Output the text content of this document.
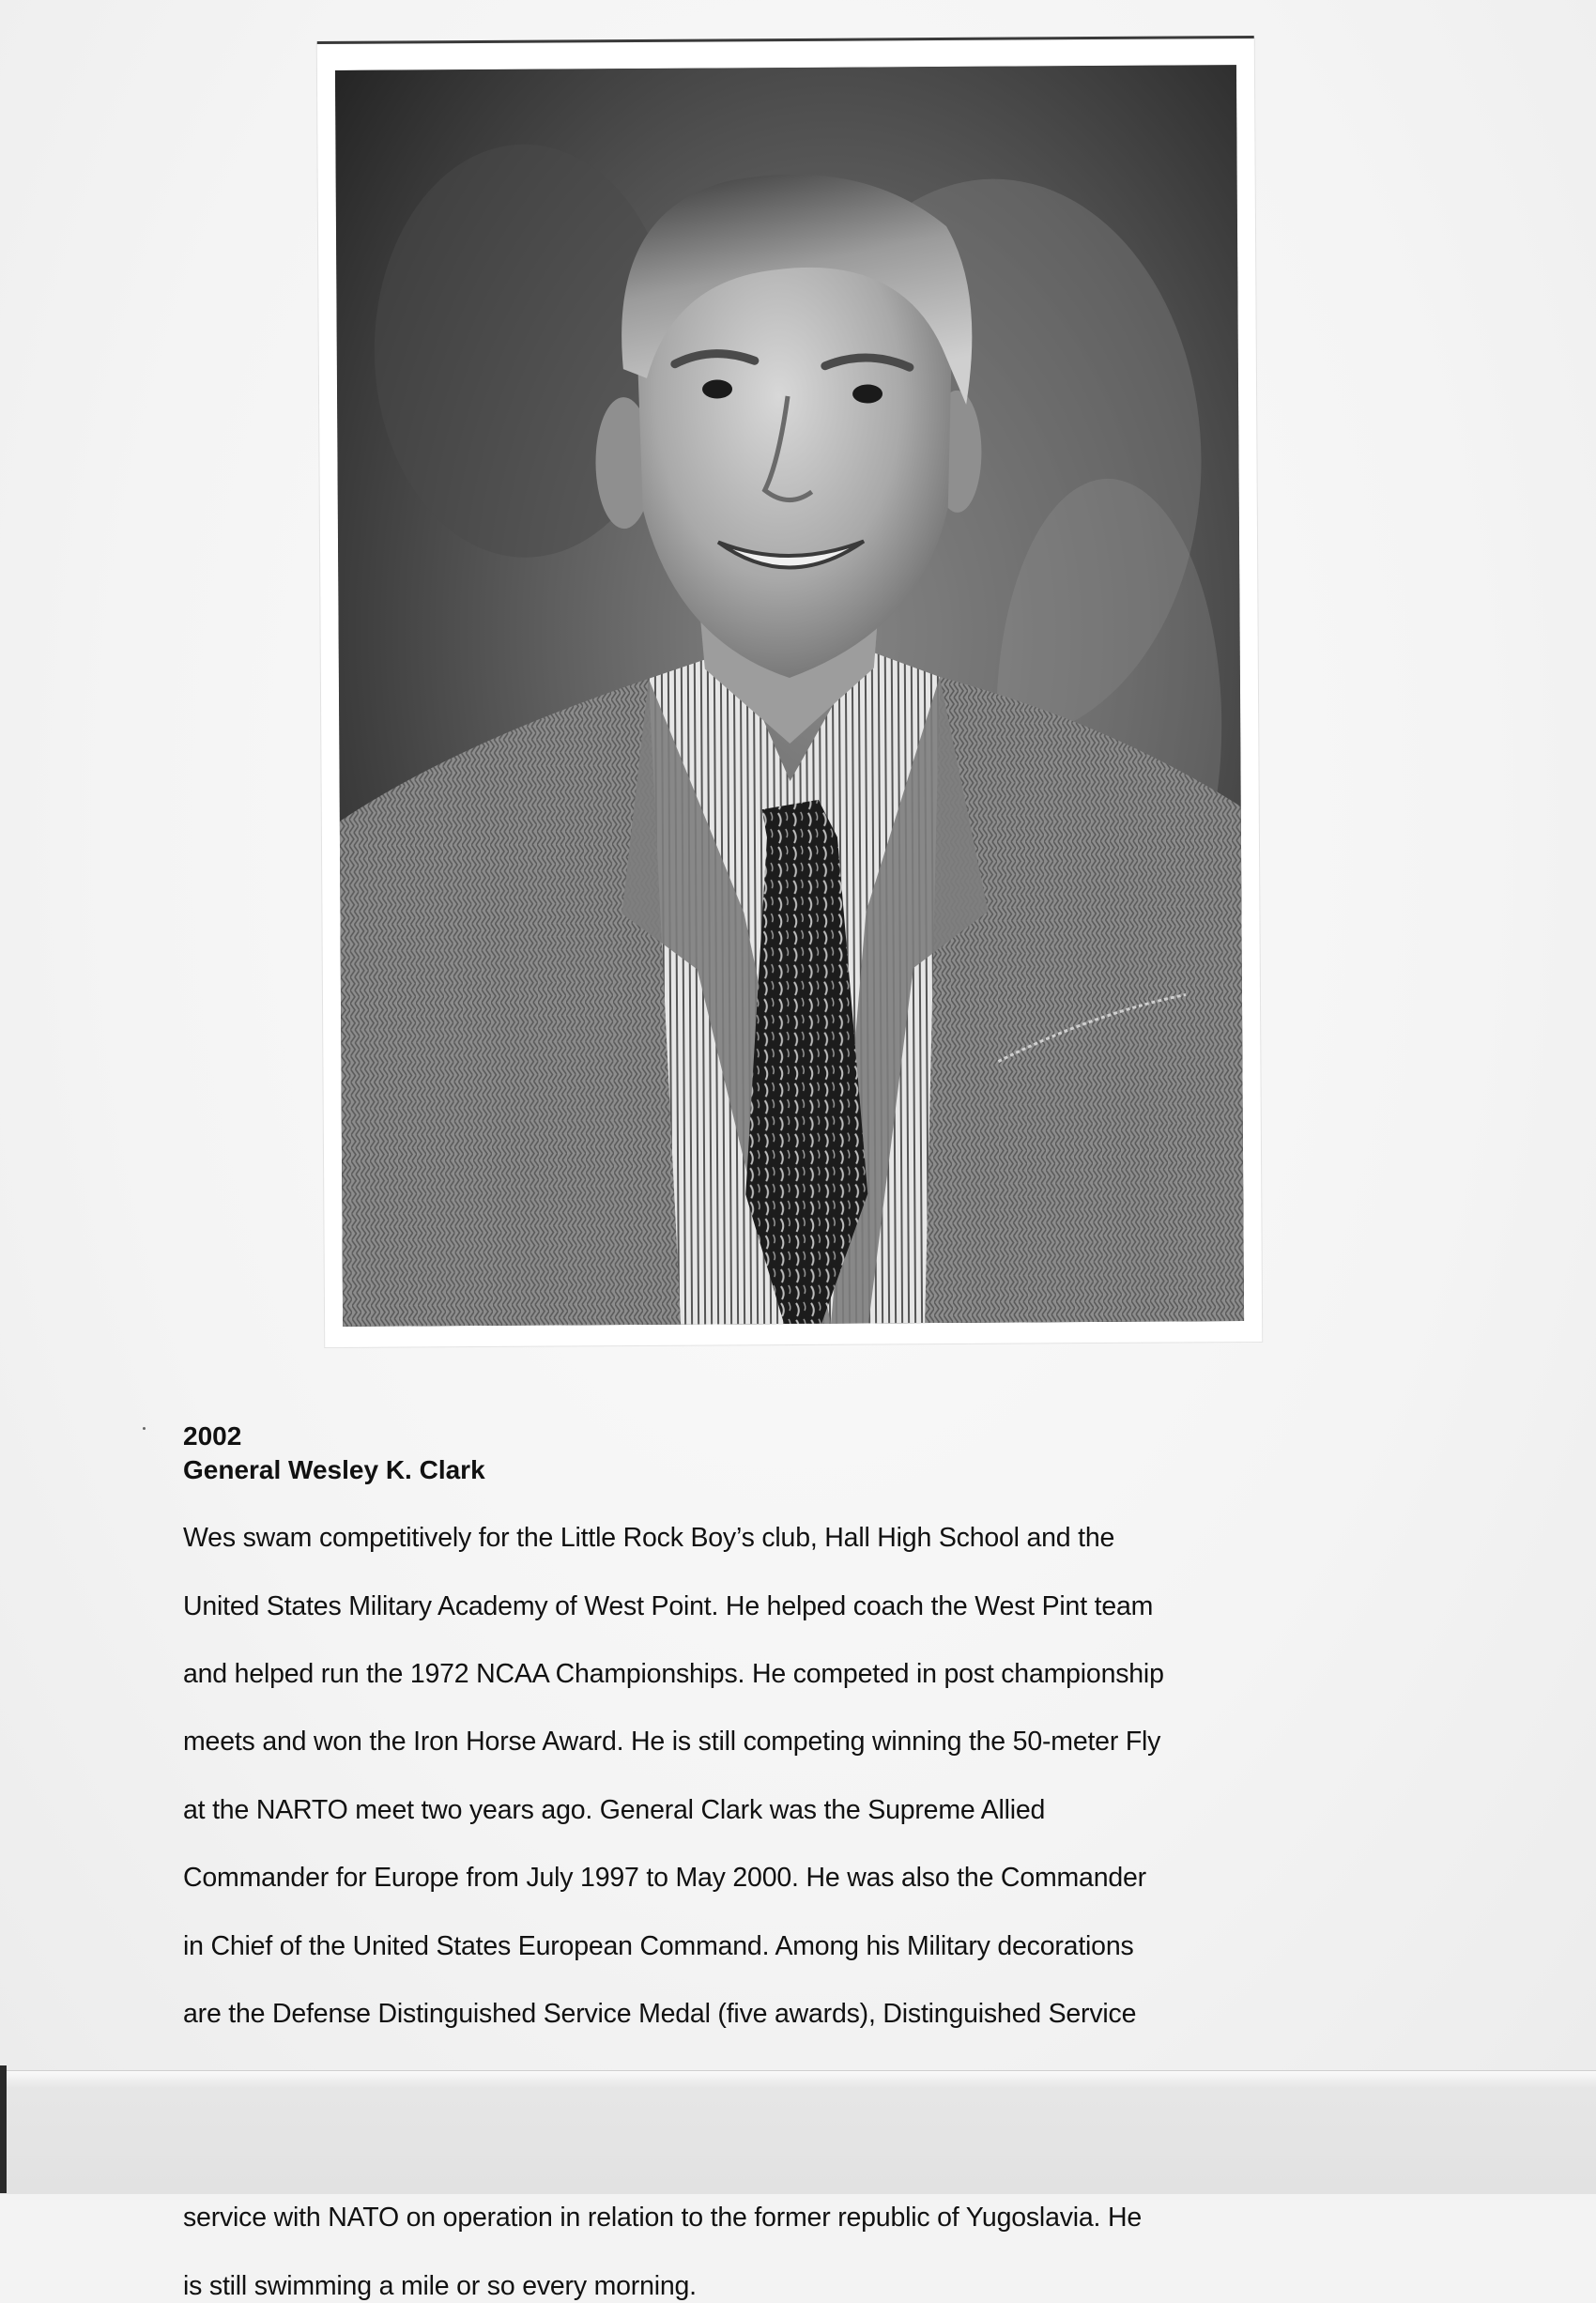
2002

General Wesley K. Clark

Wes swam competitively for the Little Rock Boy’s club, Hall High School and the

United States Military Academy of West Point. He helped coach the West Pint team

and helped run the 1972 NCAA Championships. He competed in post championship

meets and won the Iron Horse Award. He is still competing winning the 50-meter Fly

at the NARTO meet two years ago. General Clark was the Supreme Allied

Commander for Europe from July 1997 to May 2000. He was also the Commander

in Chief of the United States European Command. Among his Military decorations

are the Defense Distinguished Service Medal (five awards), Distinguished Service

service with NATO on operation in relation to the former republic of Yugoslavia. He

is still swimming a mile or so every morning.
